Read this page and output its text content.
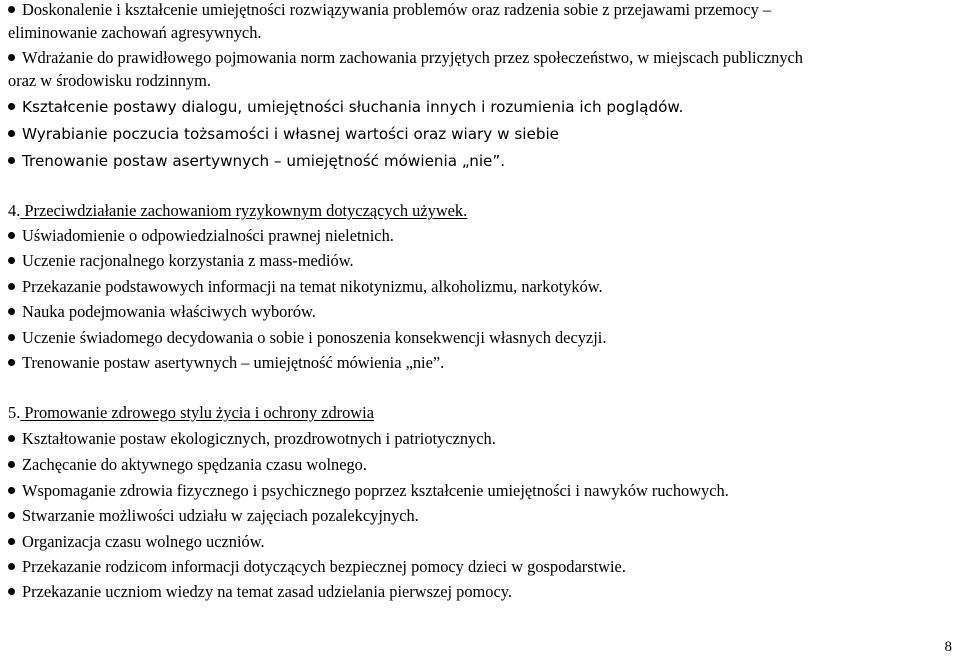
Doskonalenie i kształcenie umiejętności rozwiązywania problemów oraz radzenia sobie z przejawami przemocy –
eliminowanie zachowań agresywnych.
Wdrażanie do prawidłowego pojmowania norm zachowania przyjętych przez społeczeństwo, w miejscach publicznych
oraz w środowisku rodzinnym.
Kształcenie postawy dialogu, umiejętności słuchania innych i rozumienia ich poglądów.
Wyrabianie poczucia tożsamości i własnej wartości oraz wiary w siebie
Trenowanie postaw asertywnych – umiejętność mówienia „nie”.
4. Przeciwdziałanie zachowaniom ryzykownym dotyczących używek.
Uświadomienie o odpowiedzialności prawnej nieletnich.
Uczenie racjonalnego korzystania z mass-mediów.
Przekazanie podstawowych informacji na temat nikotynizmu, alkoholizmu, narkotyków.
Nauka podejmowania właściwych wyborów.
Uczenie świadomego decydowania o sobie i ponoszenia konsekwencji własnych decyzji.
Trenowanie postaw asertywnych – umiejętność mówienia „nie”.
5. Promowanie zdrowego stylu życia i ochrony zdrowia
Kształtowanie postaw ekologicznych, prozdrowotnych i patriotycznych.
Zachęcanie do aktywnego spędzania czasu wolnego.
Wspomaganie zdrowia fizycznego i psychicznego poprzez kształcenie umiejętności i nawyków ruchowych.
Stwarzanie możliwości udziału w zajęciach pozalekcyjnych.
Organizacja czasu wolnego uczniów.
Przekazanie rodzicom informacji dotyczących bezpiecznej pomocy dzieci w gospodarstwie.
Przekazanie uczniom wiedzy na temat zasad udzielania pierwszej pomocy.
8
